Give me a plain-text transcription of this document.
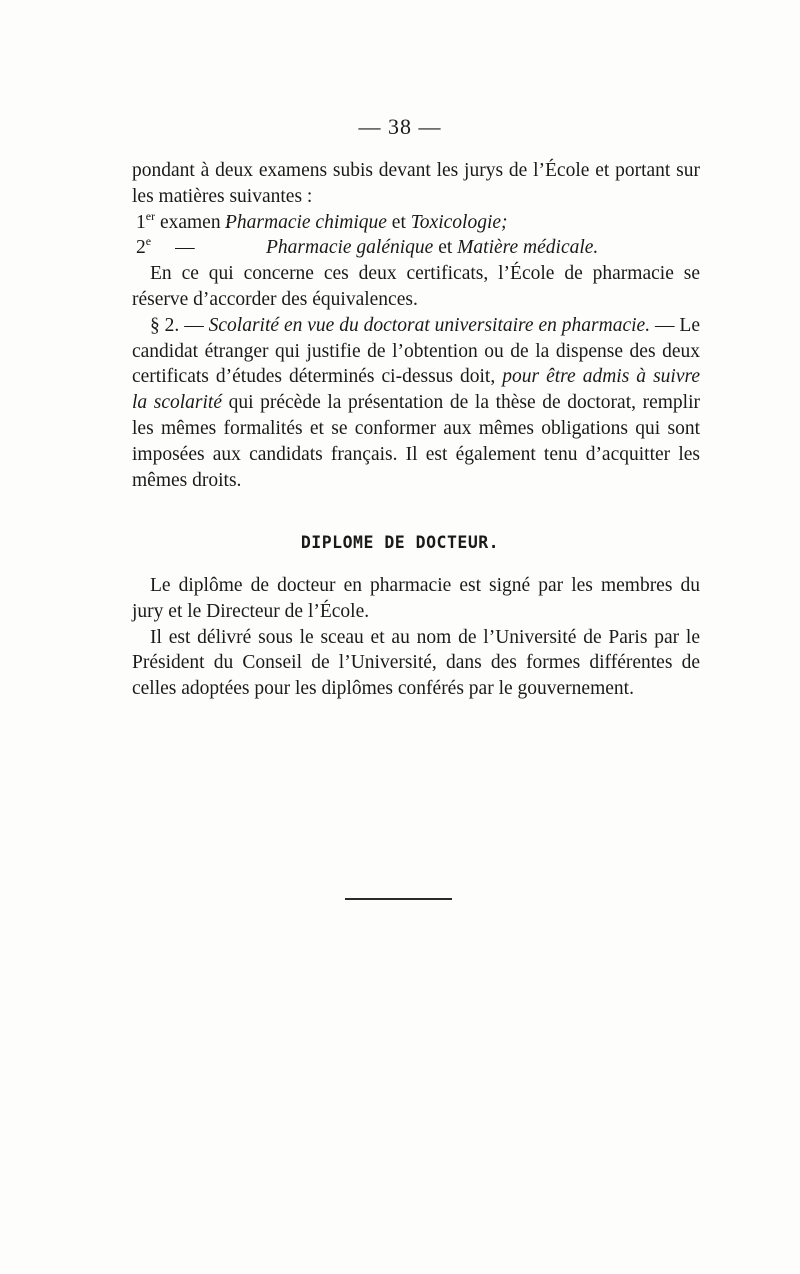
— 38 —

pondant à deux examens subis devant les jurys de l’École et portant sur les matières suivantes :

1er examen :
Pharmacie chimique et Toxicologie;
2e —	Pharmacie galénique et Matière médicale.

En ce qui concerne ces deux certificats, l’École de pharmacie se réserve d’accorder des équivalences.

§ 2. — Scolarité en vue du doctorat universitaire en pharmacie. — Le candidat étranger qui justifie de l’obtention ou de la dispense des deux certificats d’études déterminés ci-dessus doit, pour être admis à suivre la scolarité qui précède la présentation de la thèse de doctorat, remplir les mêmes formalités et se conformer aux mêmes obligations qui sont imposées aux candidats français. Il est également tenu d’acquitter les mêmes droits.

DIPLOME DE DOCTEUR.

Le diplôme de docteur en pharmacie est signé par les membres du jury et le Directeur de l’École.

Il est délivré sous le sceau et au nom de l’Université de Paris par le Président du Conseil de l’Université, dans des formes différentes de celles adoptées pour les diplômes conférés par le gouvernement.
